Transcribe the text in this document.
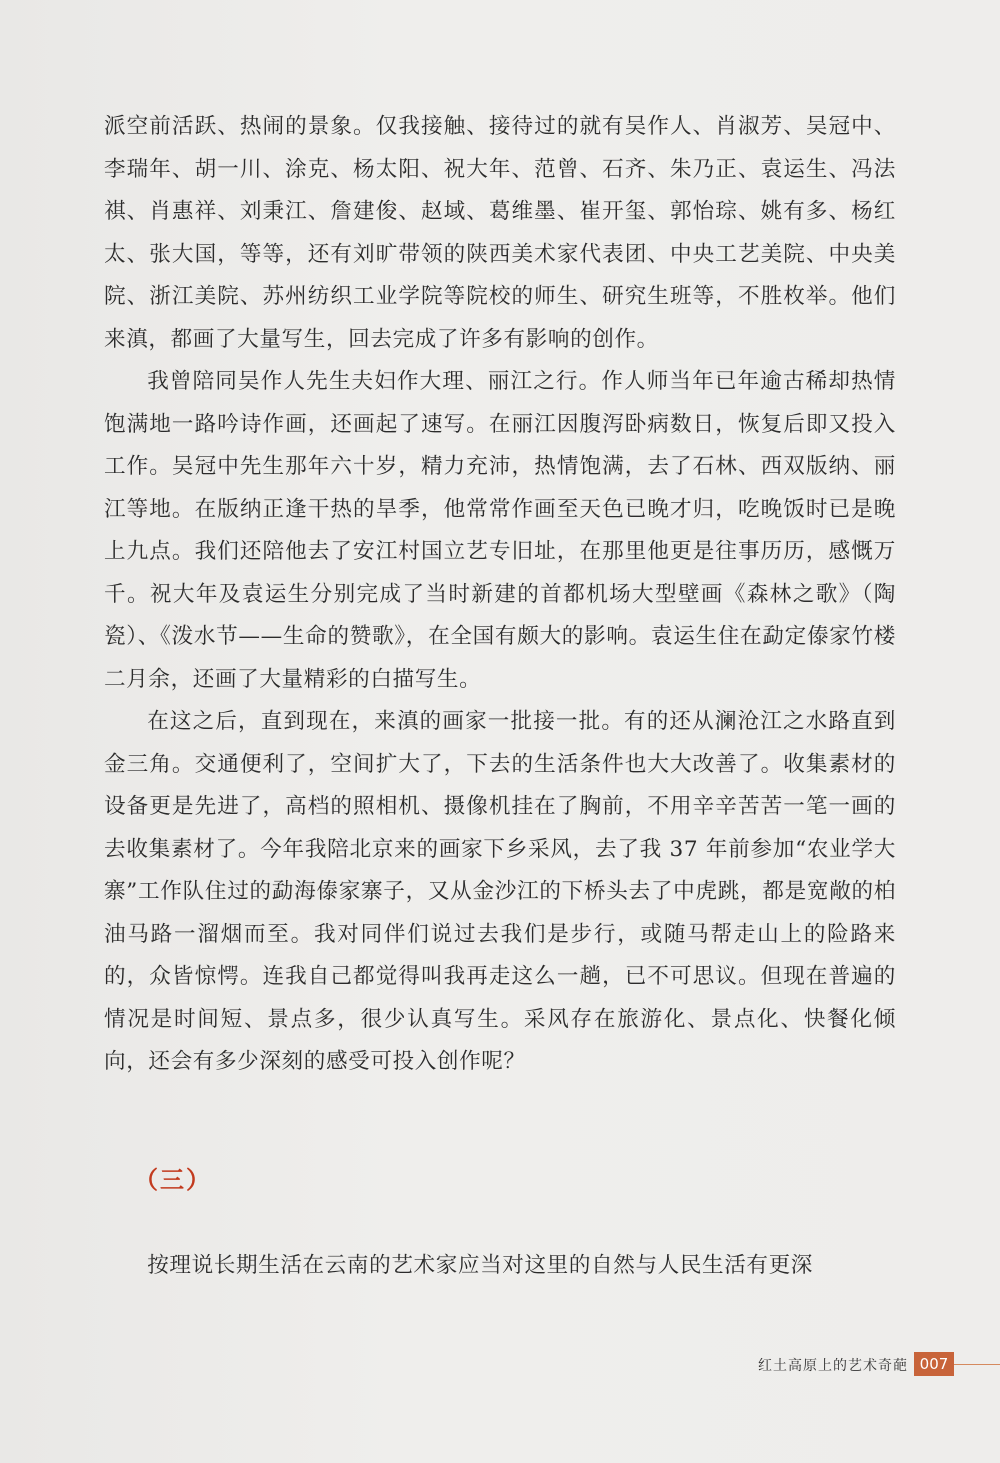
派空前活跃、热闹的景象。仅我接触、接待过的就有吴作人、肖淑芳、吴冠中、李瑞年、胡一川、涂克、杨太阳、祝大年、范曾、石齐、朱乃正、袁运生、冯法祺、肖惠祥、刘秉江、詹建俊、赵域、葛维墨、崔开玺、郭怡琮、姚有多、杨红太、张大国，等等，还有刘旷带领的陕西美术家代表团、中央工艺美院、中央美院、浙江美院、苏州纺织工业学院等院校的师生、研究生班等，不胜枚举。他们来滇，都画了大量写生，回去完成了许多有影响的创作。

我曾陪同吴作人先生夫妇作大理、丽江之行。作人师当年已年逾古稀却热情饱满地一路吟诗作画，还画起了速写。在丽江因腹泻卧病数日，恢复后即又投入工作。吴冠中先生那年六十岁，精力充沛，热情饱满，去了石林、西双版纳、丽江等地。在版纳正逢干热的旱季，他常常作画至天色已晚才归，吃晚饭时已是晚上九点。我们还陪他去了安江村国立艺专旧址，在那里他更是往事历历，感慨万千。祝大年及袁运生分别完成了当时新建的首都机场大型壁画《森林之歌》（陶瓷）、《泼水节——生命的赞歌》，在全国有颇大的影响。袁运生住在勐定傣家竹楼二月余，还画了大量精彩的白描写生。

在这之后，直到现在，来滇的画家一批接一批。有的还从澜沧江之水路直到金三角。交通便利了，空间扩大了，下去的生活条件也大大改善了。收集素材的设备更是先进了，高档的照相机、摄像机挂在了胸前，不用辛辛苦苦一笔一画的去收集素材了。今年我陪北京来的画家下乡采风，去了我 37 年前参加“农业学大寨”工作队住过的勐海傣家寨子，又从金沙江的下桥头去了中虎跳，都是宽敞的柏油马路一溜烟而至。我对同伴们说过去我们是步行，或随马帮走山上的险路来的，众皆惊愕。连我自己都觉得叫我再走这么一趟，已不可思议。但现在普遍的情况是时间短、景点多，很少认真写生。采风存在旅游化、景点化、快餐化倾向，还会有多少深刻的感受可投入创作呢？

（三）

按理说长期生活在云南的艺术家应当对这里的自然与人民生活有更深

红土高原上的艺术奇葩 007
